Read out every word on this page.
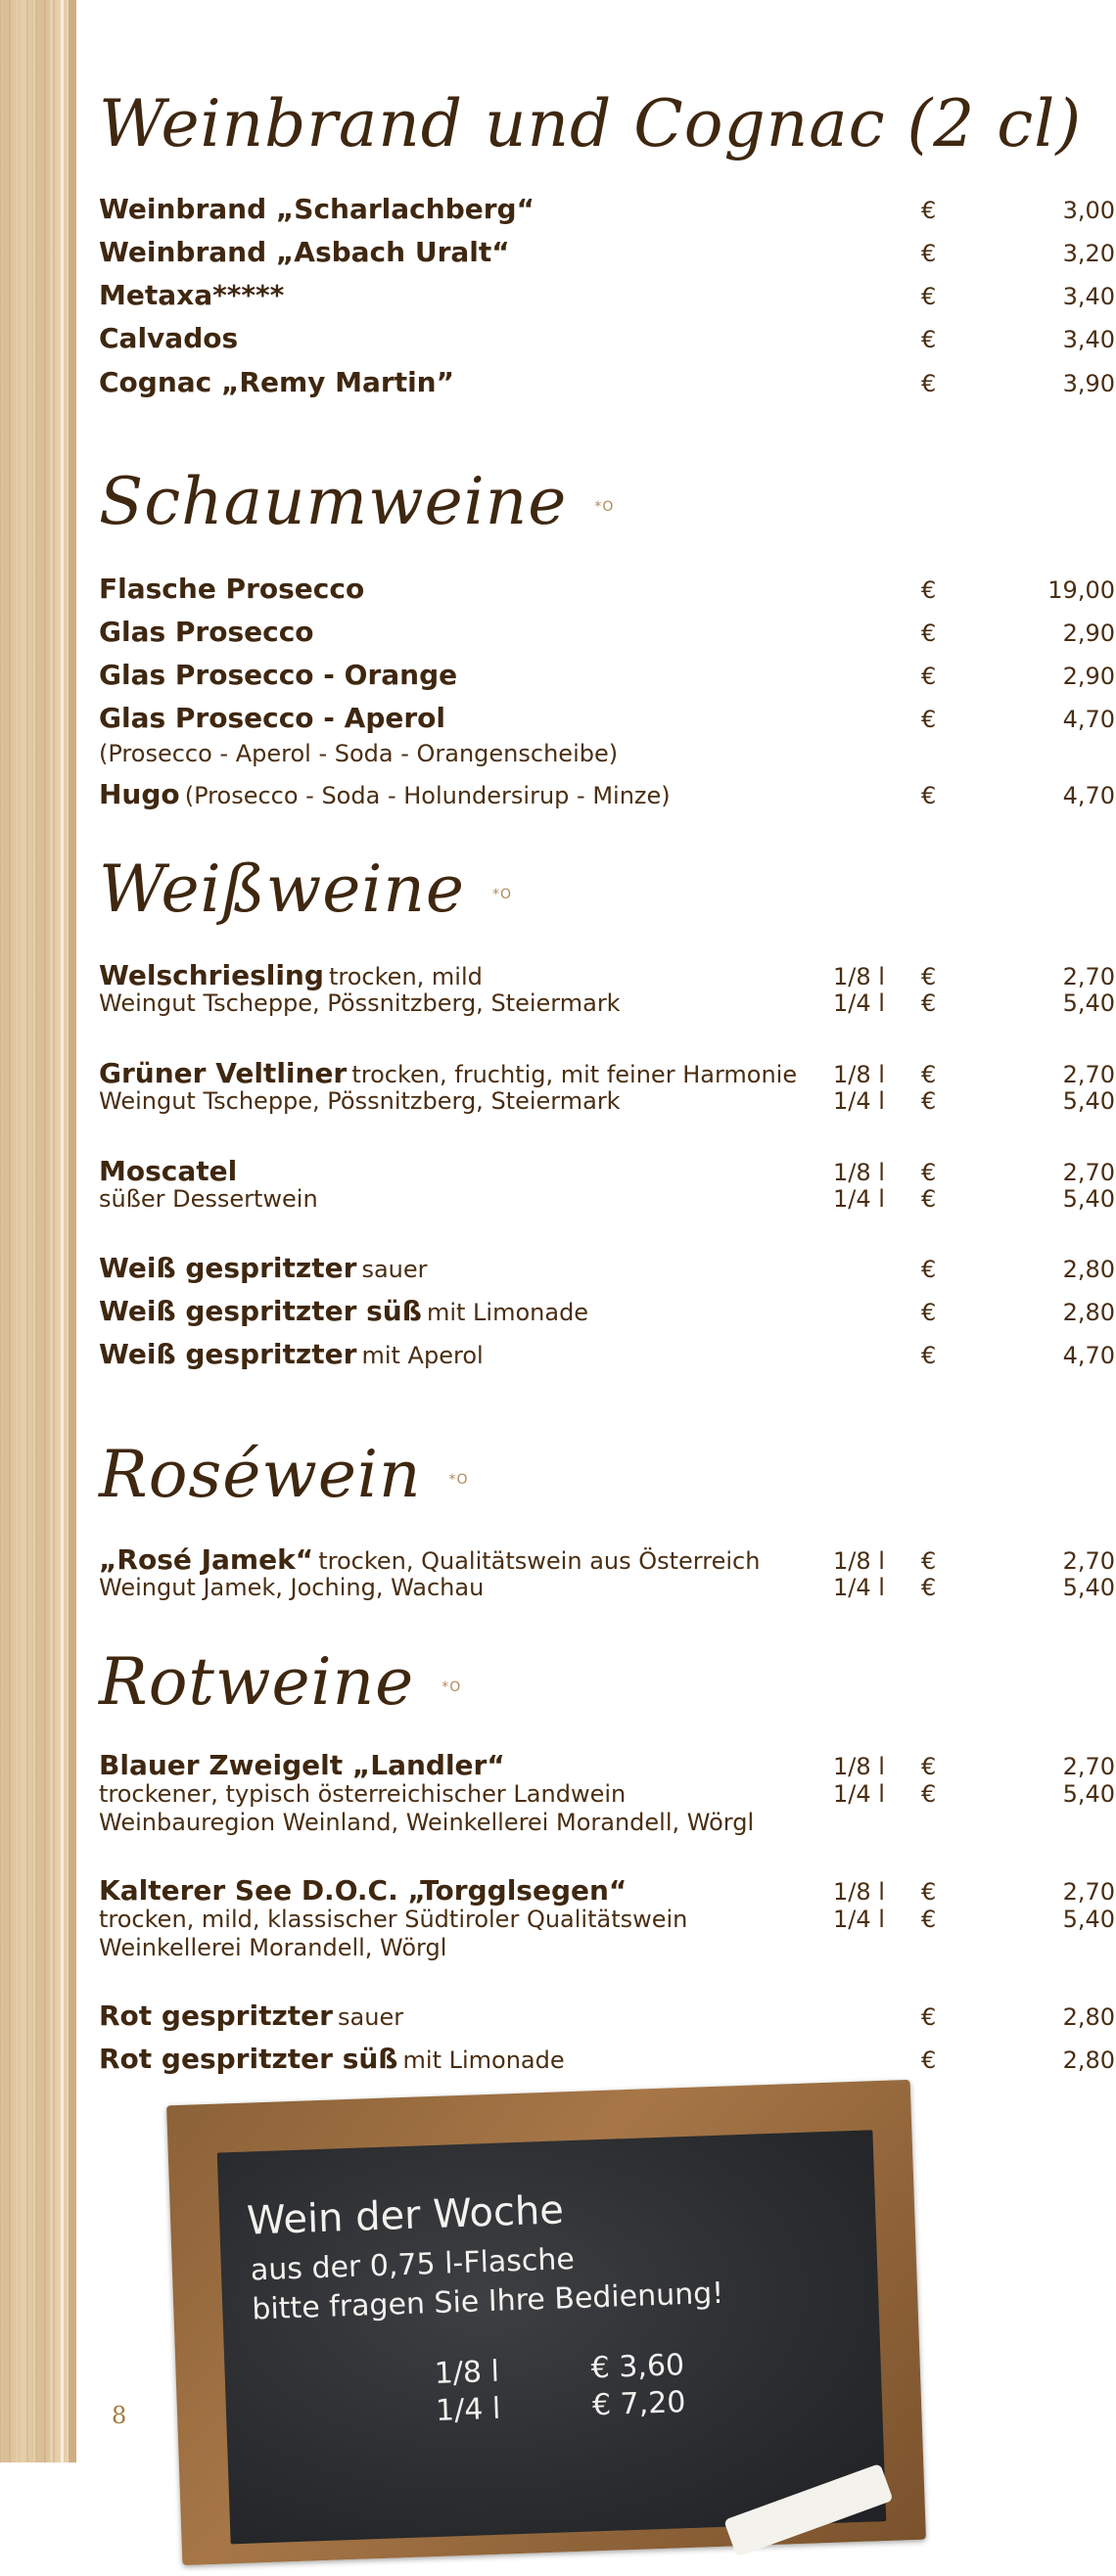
Weinbrand und Cognac (2 cl)
Weinbrand „Scharlachberg“	€	3,00
Weinbrand „Asbach Uralt“	€	3,20
Metaxa*****	€	3,40
Calvados	€	3,40
Cognac „Remy Martin”	€	3,90
Schaumweine *O
Flasche Prosecco	€	19,00
Glas Prosecco	€	2,90
Glas Prosecco - Orange	€	2,90
Glas Prosecco - Aperol	€	4,70
(Prosecco - Aperol - Soda - Orangenscheibe)
Hugo (Prosecco - Soda - Holundersirup - Minze)	€	4,70
Weißweine *O
Welschriesling trocken, mild	1/8 l €	2,70
Weingut Tscheppe, Pössnitzberg, Steiermark	1/4 l €	5,40
Grüner Veltliner trocken, fruchtig, mit feiner Harmonie 1/8 l €	2,70
Weingut Tscheppe, Pössnitzberg, Steiermark	1/4 l €	5,40
Moscatel	1/8 l €	2,70
süßer Dessertwein	1/4 l €	5,40
Weiß gespritzter sauer	€	2,80
Weiß gespritzter süß mit Limonade	€	2,80
Weiß gespritzter mit Aperol	€	4,70
Roséwein *O
„Rosé Jamek“ trocken, Qualitätswein aus Österreich	1/8 l €	2,70
Weingut Jamek, Joching, Wachau	1/4 l €	5,40
Rotweine *O
Blauer Zweigelt „Landler“	1/8 l €	2,70
trockener, typisch österreichischer Landwein	1/4 l €	5,40
Weinbauregion Weinland, Weinkellerei Morandell, Wörgl
Kalterer See D.O.C. „Torgglsegen“	1/8 l €	2,70
trocken, mild, klassischer Südtiroler Qualitätswein	1/4 l €	5,40
Weinkellerei Morandell, Wörgl
Rot gespritzter sauer	€	2,80
Rot gespritzter süß mit Limonade	€	2,80
Wein der Woche
aus der 0,75 l-Flasche
bitte fragen Sie Ihre Bedienung!
1/8 l	€ 3,60
1/4 l	€ 7,20
8
